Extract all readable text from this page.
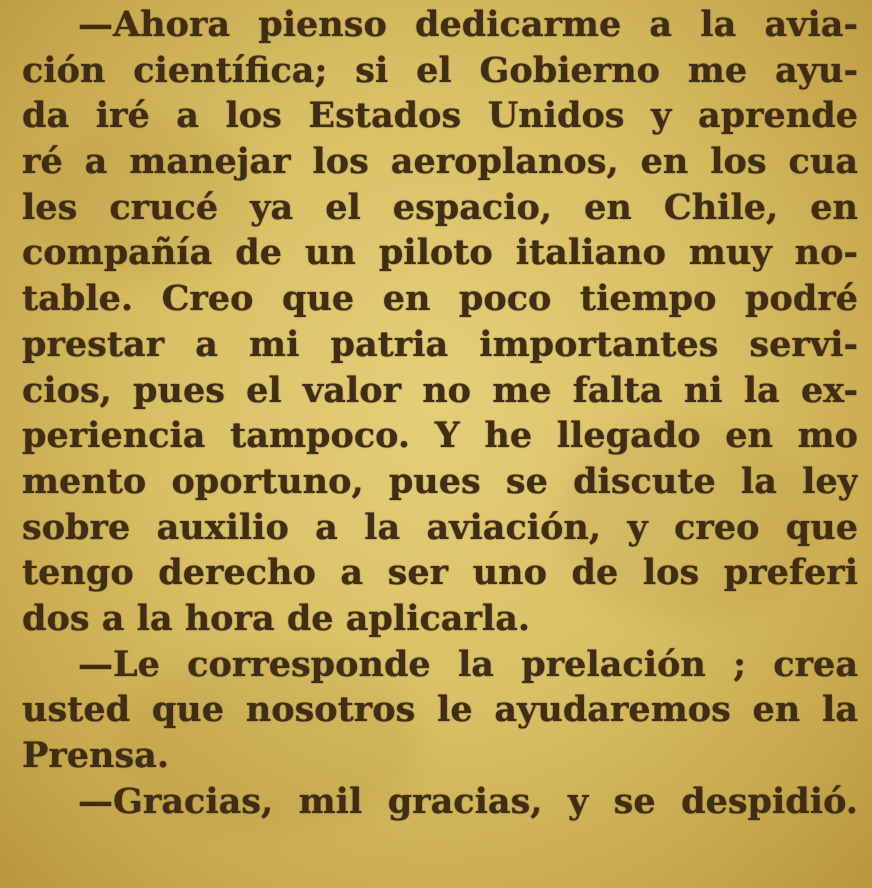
—Ahora pienso dedicarme a la avia-
ción científica; si el Gobierno me ayu-
da iré a los Estados Unidos y aprende
ré a manejar los aeroplanos, en los cua
les crucé ya el espacio, en Chile, en
compañía de un piloto italiano muy no-
table. Creo que en poco tiempo podré
prestar a mi patria importantes servi-
cios, pues el valor no me falta ni la ex-
periencia tampoco. Y he llegado en mo
mento oportuno, pues se discute la ley
sobre auxilio a la aviación, y creo que
tengo derecho a ser uno de los preferi
dos a la hora de aplicarla.
—Le corresponde la prelación ; crea
usted que nosotros le ayudaremos en la
Prensa.
—Gracias, mil gracias, y se despidió.
